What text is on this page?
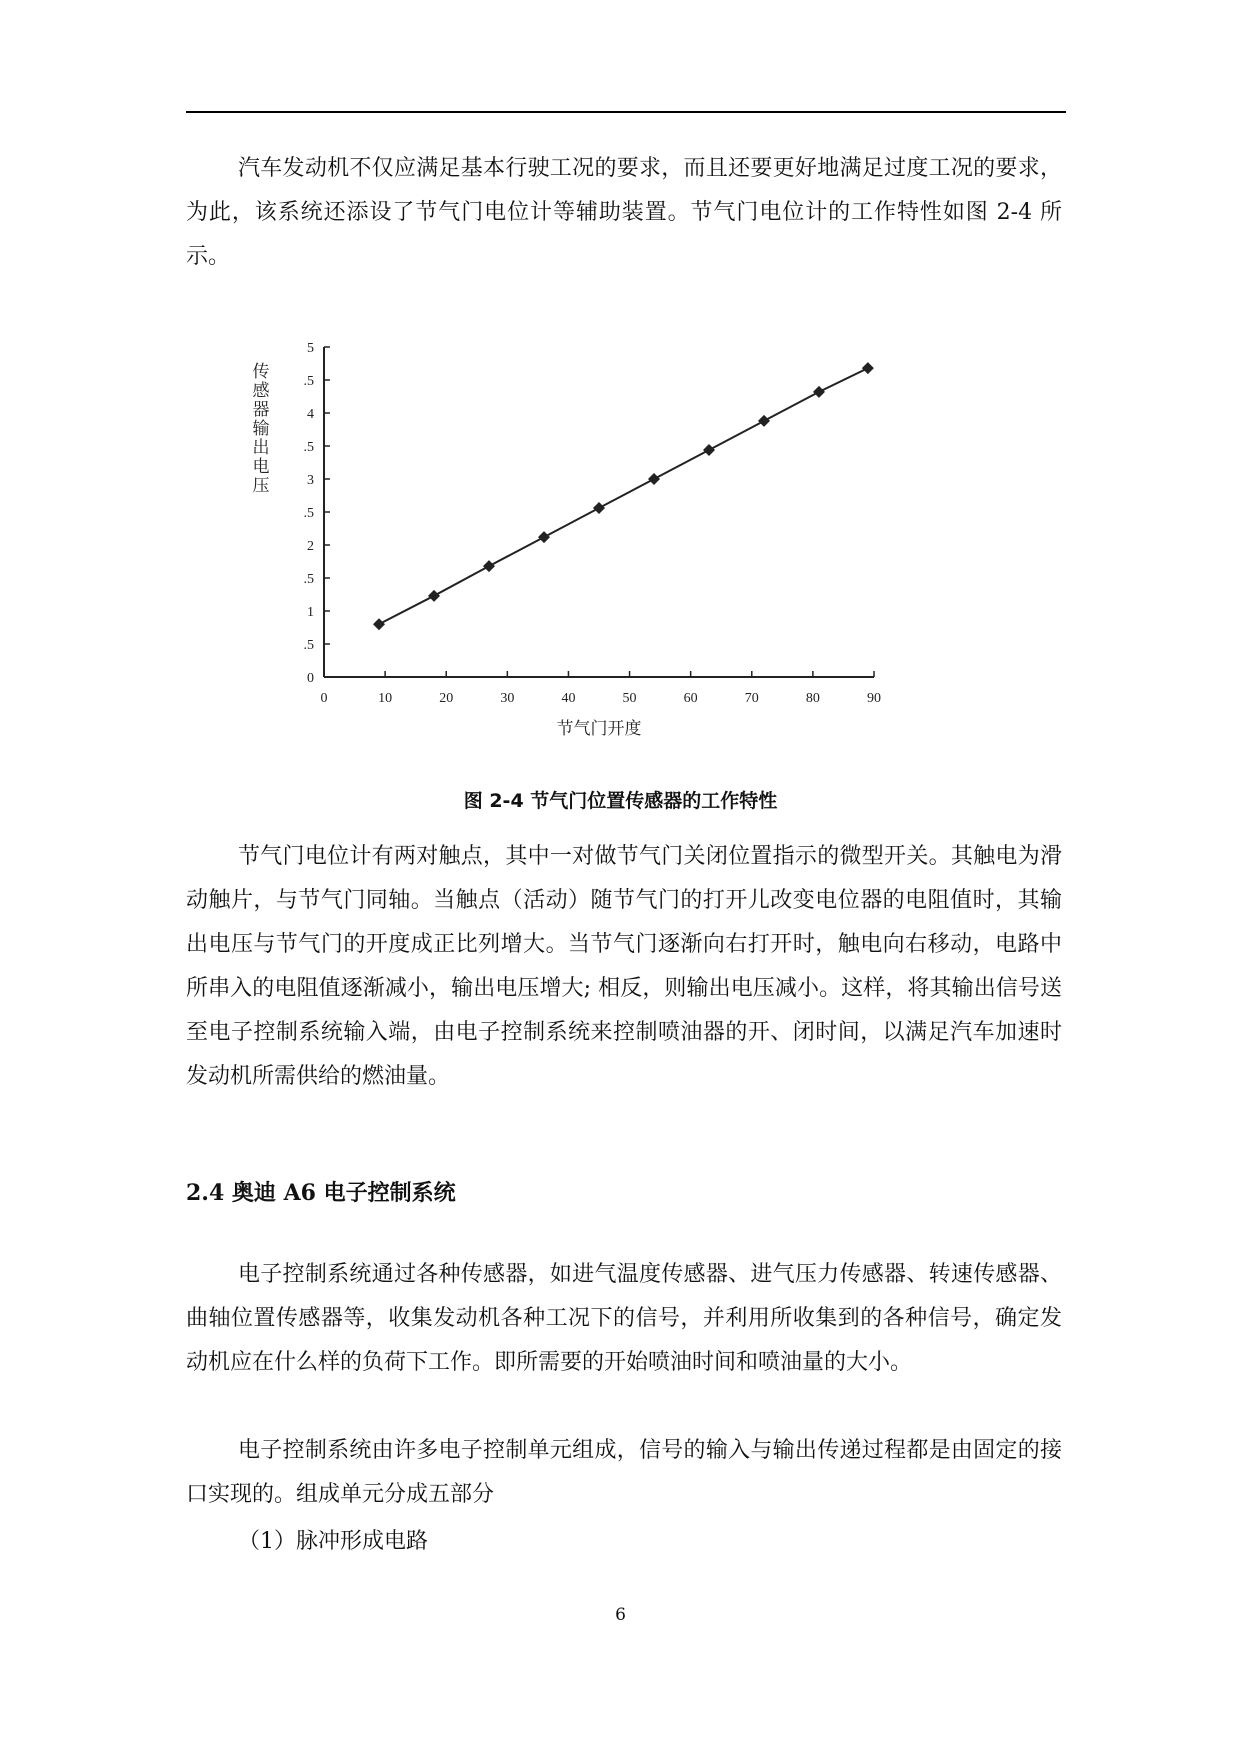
汽车发动机不仅应满足基本行驶工况的要求，而且还要更好地满足过度工况的要求，为此，该系统还添设了节气门电位计等辅助装置。节气门电位计的工作特性如图 2-4 所示。

0
.5
1
.5
2
.5
3
.5
4
.5
5
0	10	20	30	40	50	60	70	80	90
节气门开度
传
感
器
输
出
电
压

图 2-4 节气门位置传感器的工作特性

节气门电位计有两对触点，其中一对做节气门关闭位置指示的微型开关。其触电为滑动触片，与节气门同轴。当触点（活动）随节气门的打开儿改变电位器的电阻值时，其输出电压与节气门的开度成正比列增大。当节气门逐渐向右打开时，触电向右移动，电路中所串入的电阻值逐渐减小，输出电压增大; 相反，则输出电压减小。这样，将其输出信号送至电子控制系统输入端，由电子控制系统来控制喷油器的开、闭时间，以满足汽车加速时发动机所需供给的燃油量。

2.4 奥迪 A6 电子控制系统

电子控制系统通过各种传感器，如进气温度传感器、进气压力传感器、转速传感器、曲轴位置传感器等，收集发动机各种工况下的信号，并利用所收集到的各种信号，确定发动机应在什么样的负荷下工作。即所需要的开始喷油时间和喷油量的大小。

电子控制系统由许多电子控制单元组成，信号的输入与输出传递过程都是由固定的接口实现的。组成单元分成五部分

（1）脉冲形成电路

6
